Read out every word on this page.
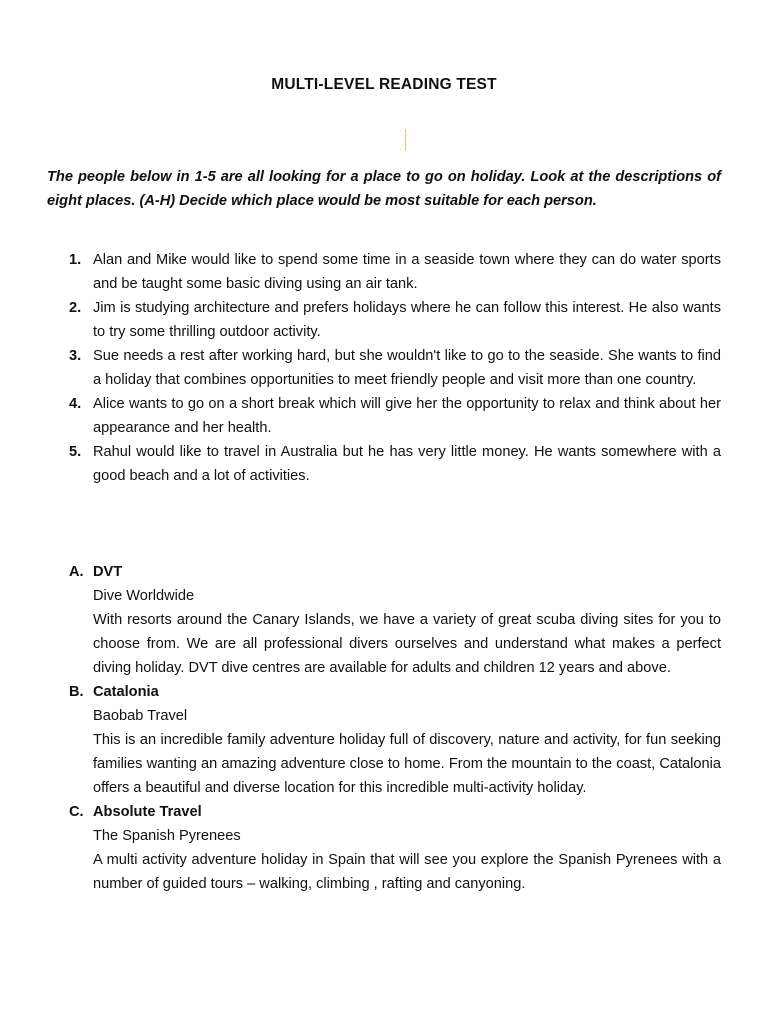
MULTI-LEVEL READING TEST
The people below in 1-5 are all looking for a place to go on holiday. Look at the descriptions of eight places. (A-H) Decide which place would be most suitable for each person.
1. Alan and Mike would like to spend some time in a seaside town where they can do water sports and be taught some basic diving using an air tank.
2. Jim is studying architecture and prefers holidays where he can follow this interest. He also wants to try some thrilling outdoor activity.
3. Sue needs a rest after working hard, but she wouldn't like to go to the seaside. She wants to find a holiday that combines opportunities to meet friendly people and visit more than one country.
4. Alice wants to go on a short break which will give her the opportunity to relax and think about her appearance and her health.
5. Rahul would like to travel in Australia but he has very little money. He wants somewhere with a good beach and a lot of activities.
A. DVT
Dive Worldwide
With resorts around the Canary Islands, we have a variety of great scuba diving sites for you to choose from. We are all professional divers ourselves and understand what makes a perfect diving holiday. DVT dive centres are available for adults and children 12 years and above.
B. Catalonia
Baobab Travel
This is an incredible family adventure holiday full of discovery, nature and activity, for fun seeking families wanting an amazing adventure close to home. From the mountain to the coast, Catalonia offers a beautiful and diverse location for this incredible multi-activity holiday.
C. Absolute Travel
The Spanish Pyrenees
A multi activity adventure holiday in Spain that will see you explore the Spanish Pyrenees with a number of guided tours – walking, climbing , rafting and canyoning.
